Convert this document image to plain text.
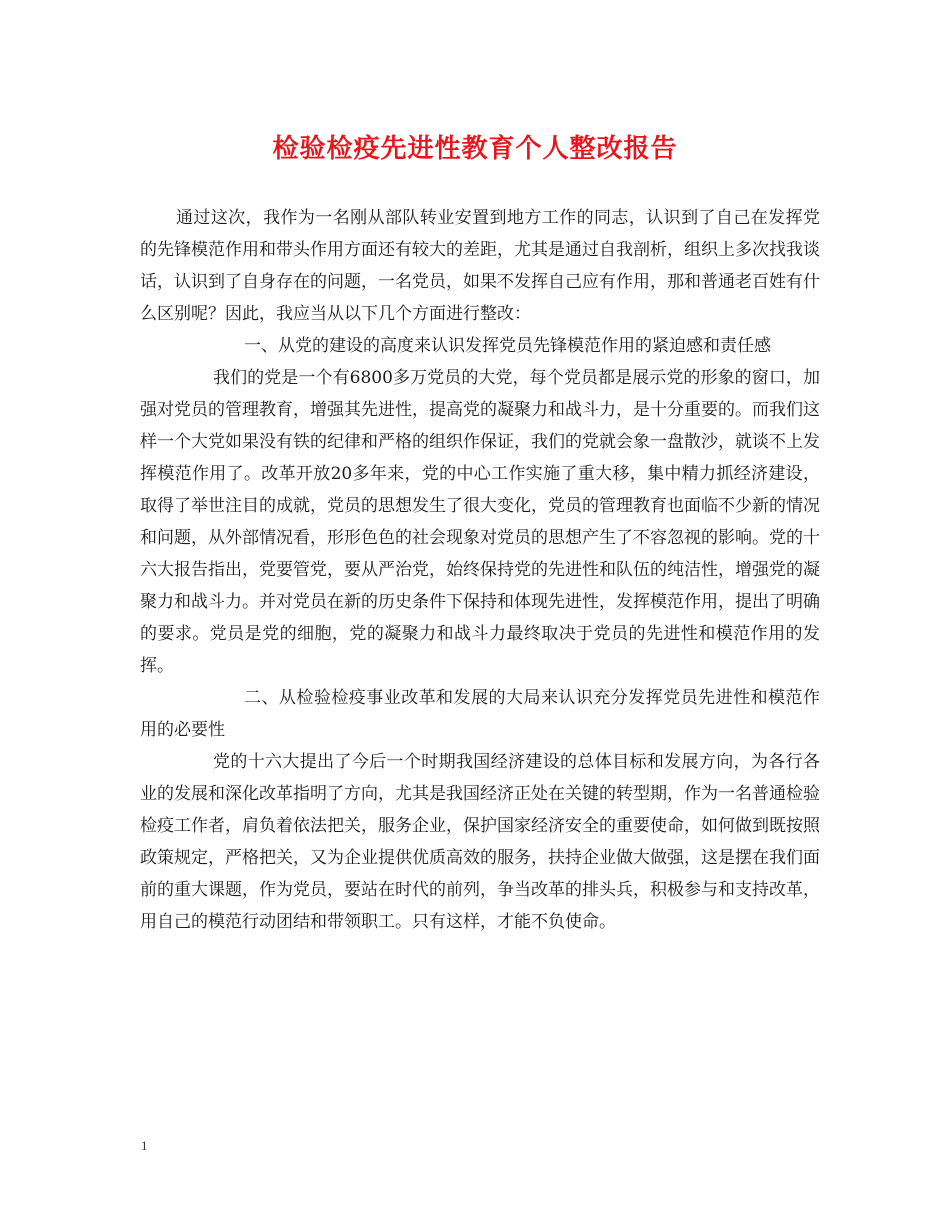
检验检疫先进性教育个人整改报告

通过这次，我作为一名刚从部队转业安置到地方工作的同志，认识到了自己在发挥党的先锋模范作用和带头作用方面还有较大的差距，尤其是通过自我剖析，组织上多次找我谈话，认识到了自身存在的问题，一名党员，如果不发挥自己应有作用，那和普通老百姓有什么区别呢？因此，我应当从以下几个方面进行整改：

一、从党的建设的高度来认识发挥党员先锋模范作用的紧迫感和责任感

我们的党是一个有6800多万党员的大党，每个党员都是展示党的形象的窗口，加强对党员的管理教育，增强其先进性，提高党的凝聚力和战斗力，是十分重要的。而我们这样一个大党如果没有铁的纪律和严格的组织作保证，我们的党就会象一盘散沙，就谈不上发挥模范作用了。改革开放20多年来，党的中心工作实施了重大移，集中精力抓经济建设，取得了举世注目的成就，党员的思想发生了很大变化，党员的管理教育也面临不少新的情况和问题，从外部情况看，形形色色的社会现象对党员的思想产生了不容忽视的影响。党的十六大报告指出，党要管党，要从严治党，始终保持党的先进性和队伍的纯洁性，增强党的凝聚力和战斗力。并对党员在新的历史条件下保持和体现先进性，发挥模范作用，提出了明确的要求。党员是党的细胞，党的凝聚力和战斗力最终取决于党员的先进性和模范作用的发挥。

二、从检验检疫事业改革和发展的大局来认识充分发挥党员先进性和模范作用的必要性

党的十六大提出了今后一个时期我国经济建设的总体目标和发展方向，为各行各业的发展和深化改革指明了方向，尤其是我国经济正处在关键的转型期，作为一名普通检验检疫工作者，肩负着依法把关，服务企业，保护国家经济安全的重要使命，如何做到既按照政策规定，严格把关，又为企业提供优质高效的服务，扶持企业做大做强，这是摆在我们面前的重大课题，作为党员，要站在时代的前列，争当改革的排头兵，积极参与和支持改革，用自己的模范行动团结和带领职工。只有这样，才能不负使命。

1
